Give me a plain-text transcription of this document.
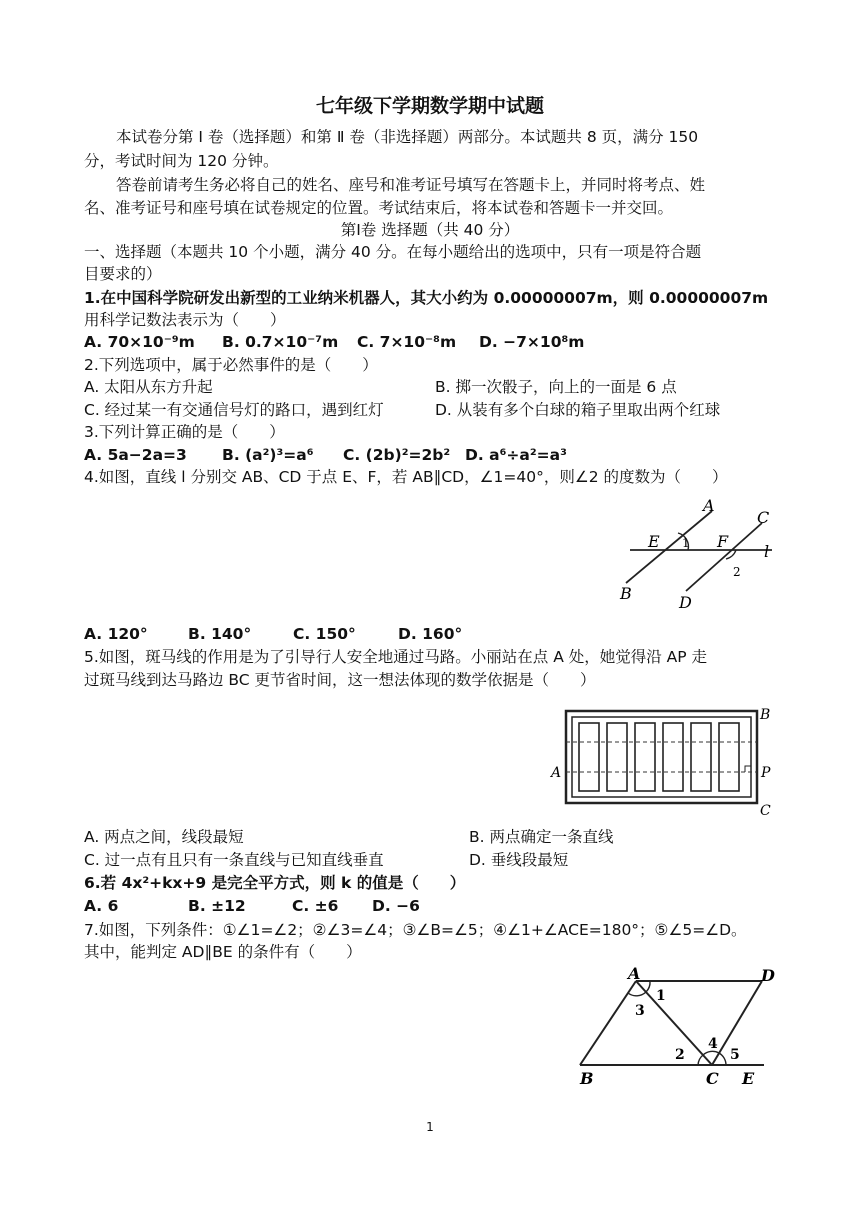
七年级下学期数学期中试题
本试卷分第 Ⅰ 卷（选择题）和第 Ⅱ 卷（非选择题）两部分。本试题共 8 页，满分 150
分，考试时间为 120 分钟。
答卷前请考生务必将自己的姓名、座号和准考证号填写在答题卡上，并同时将考点、姓
名、准考证号和座号填在试卷规定的位置。考试结束后，将本试卷和答题卡一并交回。
第Ⅰ卷 选择题（共 40 分）
一、选择题（本题共 10 个小题，满分 40 分。在每小题给出的选项中，只有一项是符合题
目要求的）
1.在中国科学院研发出新型的工业纳米机器人，其大小约为 0.00000007m，则 0.00000007m
用科学记数法表示为（　　）
A. 70×10⁻⁹m B. 0.7×10⁻⁷m C. 7×10⁻⁸m D. −7×10⁸m
2.下列选项中，属于必然事件的是（　　）
A. 太阳从东方升起	B. 掷一次骰子，向上的一面是 6 点
C. 经过某一有交通信号灯的路口，遇到红灯	D. 从装有多个白球的箱子里取出两个红球
3.下列计算正确的是（　　）
A. 5a−2a=3 B. (a²)³=a⁶ C. (2b)²=2b² D. a⁶÷a²=a³
4.如图，直线 l 分别交 AB、CD 于点 E、F，若 AB∥CD，∠1=40°，则∠2 的度数为（　　）
A
B
C
D
E	F
l
1
2
A. 120°	B. 140°	C. 150°	D. 160°
5.如图，斑马线的作用是为了引导行人安全地通过马路。小丽站在点 A 处，她觉得沿 AP 走
过斑马线到达马路边 BC 更节省时间，这一想法体现的数学依据是（　　）
B
A	P
C
A. 两点之间，线段最短	B. 两点确定一条直线
C. 过一点有且只有一条直线与已知直线垂直	D. 垂线段最短
6.若 4x²+kx+9 是完全平方式，则 k 的值是（　　）
A. 6	B. ±12	C. ±6 D. −6
7.如图，下列条件：①∠1=∠2；②∠3=∠4；③∠B=∠5；④∠1+∠ACE=180°；⑤∠5=∠D。
其中，能判定 AD∥BE 的条件有（　　）
A	D
B	C E
1
3
2
4
5
1
